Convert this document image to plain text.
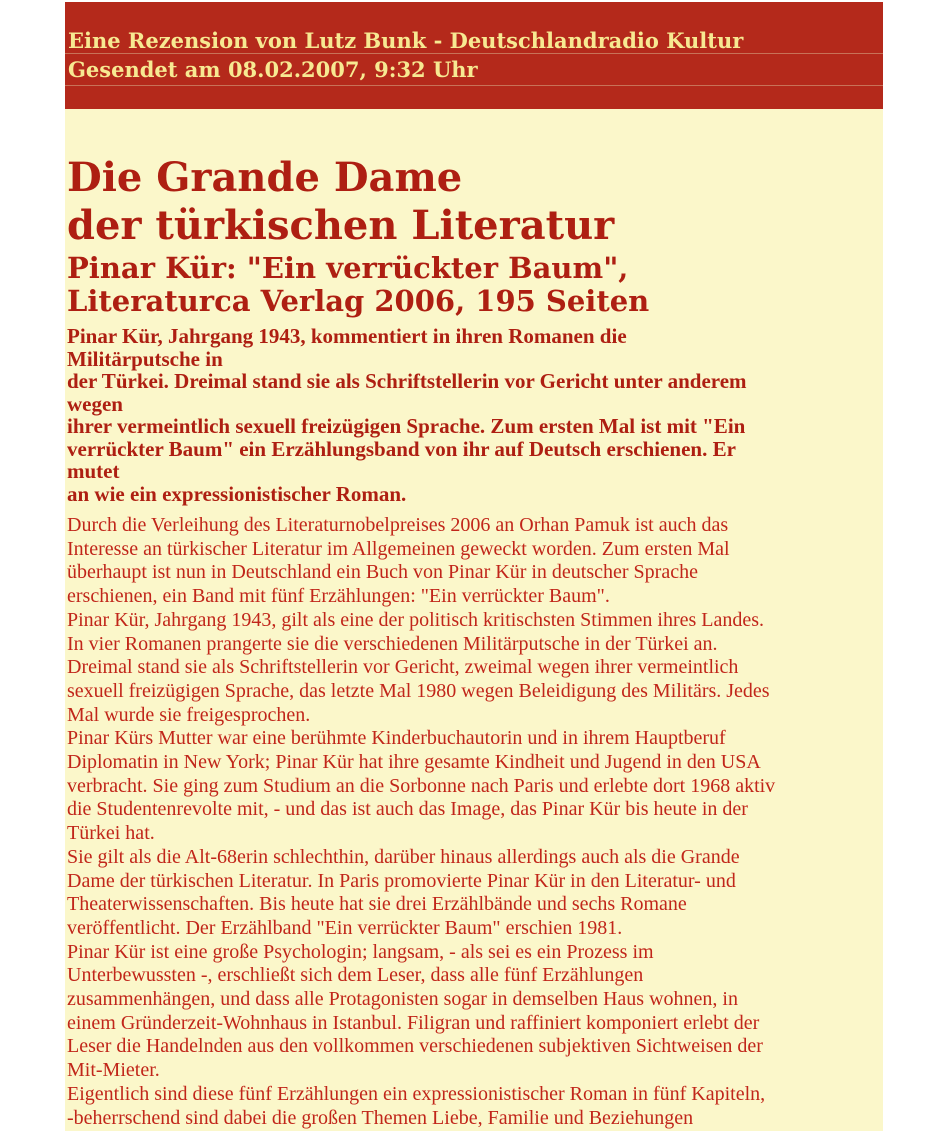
Eine Rezension von Lutz Bunk - Deutschlandradio Kultur
Gesendet am 08.02.2007, 9:32 Uhr
Die Grande Dame
der türkischen Literatur
Pinar Kür: "Ein verrückter Baum",
Literaturca Verlag 2006, 195 Seiten
Pinar Kür, Jahrgang 1943, kommentiert in ihren Romanen die
Militärputsche in
der Türkei. Dreimal stand sie als Schriftstellerin vor Gericht unter anderem
wegen
ihrer vermeintlich sexuell freizügigen Sprache. Zum ersten Mal ist mit "Ein
verrückter Baum" ein Erzählungsband von ihr auf Deutsch erschienen. Er
mutet
an wie ein expressionistischer Roman.

Durch die Verleihung des Literaturnobelpreises 2006 an Orhan Pamuk ist auch das
Interesse an türkischer Literatur im Allgemeinen geweckt worden. Zum ersten Mal
überhaupt ist nun in Deutschland ein Buch von Pinar Kür in deutscher Sprache
erschienen, ein Band mit fünf Erzählungen: "Ein verrückter Baum".

Pinar Kür, Jahrgang 1943, gilt als eine der politisch kritischsten Stimmen ihres Landes.
In vier Romanen prangerte sie die verschiedenen Militärputsche in der Türkei an.
Dreimal stand sie als Schriftstellerin vor Gericht, zweimal wegen ihrer vermeintlich
sexuell freizügigen Sprache, das letzte Mal 1980 wegen Beleidigung des Militärs. Jedes
Mal wurde sie freigesprochen.

Pinar Kürs Mutter war eine berühmte Kinderbuchautorin und in ihrem Hauptberuf
Diplomatin in New York; Pinar Kür hat ihre gesamte Kindheit und Jugend in den USA
verbracht. Sie ging zum Studium an die Sorbonne nach Paris und erlebte dort 1968 aktiv
die Studentenrevolte mit, - und das ist auch das Image, das Pinar Kür bis heute in der
Türkei hat.

Sie gilt als die Alt-68erin schlechthin, darüber hinaus allerdings auch als die Grande
Dame der türkischen Literatur. In Paris promovierte Pinar Kür in den Literatur- und
Theaterwissenschaften. Bis heute hat sie drei Erzählbände und sechs Romane
veröffentlicht. Der Erzählband "Ein verrückter Baum" erschien 1981.

Pinar Kür ist eine große Psychologin; langsam, - als sei es ein Prozess im
Unterbewussten -, erschließt sich dem Leser, dass alle fünf Erzählungen
zusammenhängen, und dass alle Protagonisten sogar in demselben Haus wohnen, in
einem Gründerzeit-Wohnhaus in Istanbul. Filigran und raffiniert komponiert erlebt der
Leser die Handelnden aus den vollkommen verschiedenen subjektiven Sichtweisen der
Mit-Mieter.

Eigentlich sind diese fünf Erzählungen ein expressionistischer Roman in fünf Kapiteln,
-beherrschend sind dabei die großen Themen Liebe, Familie und Beziehungen
